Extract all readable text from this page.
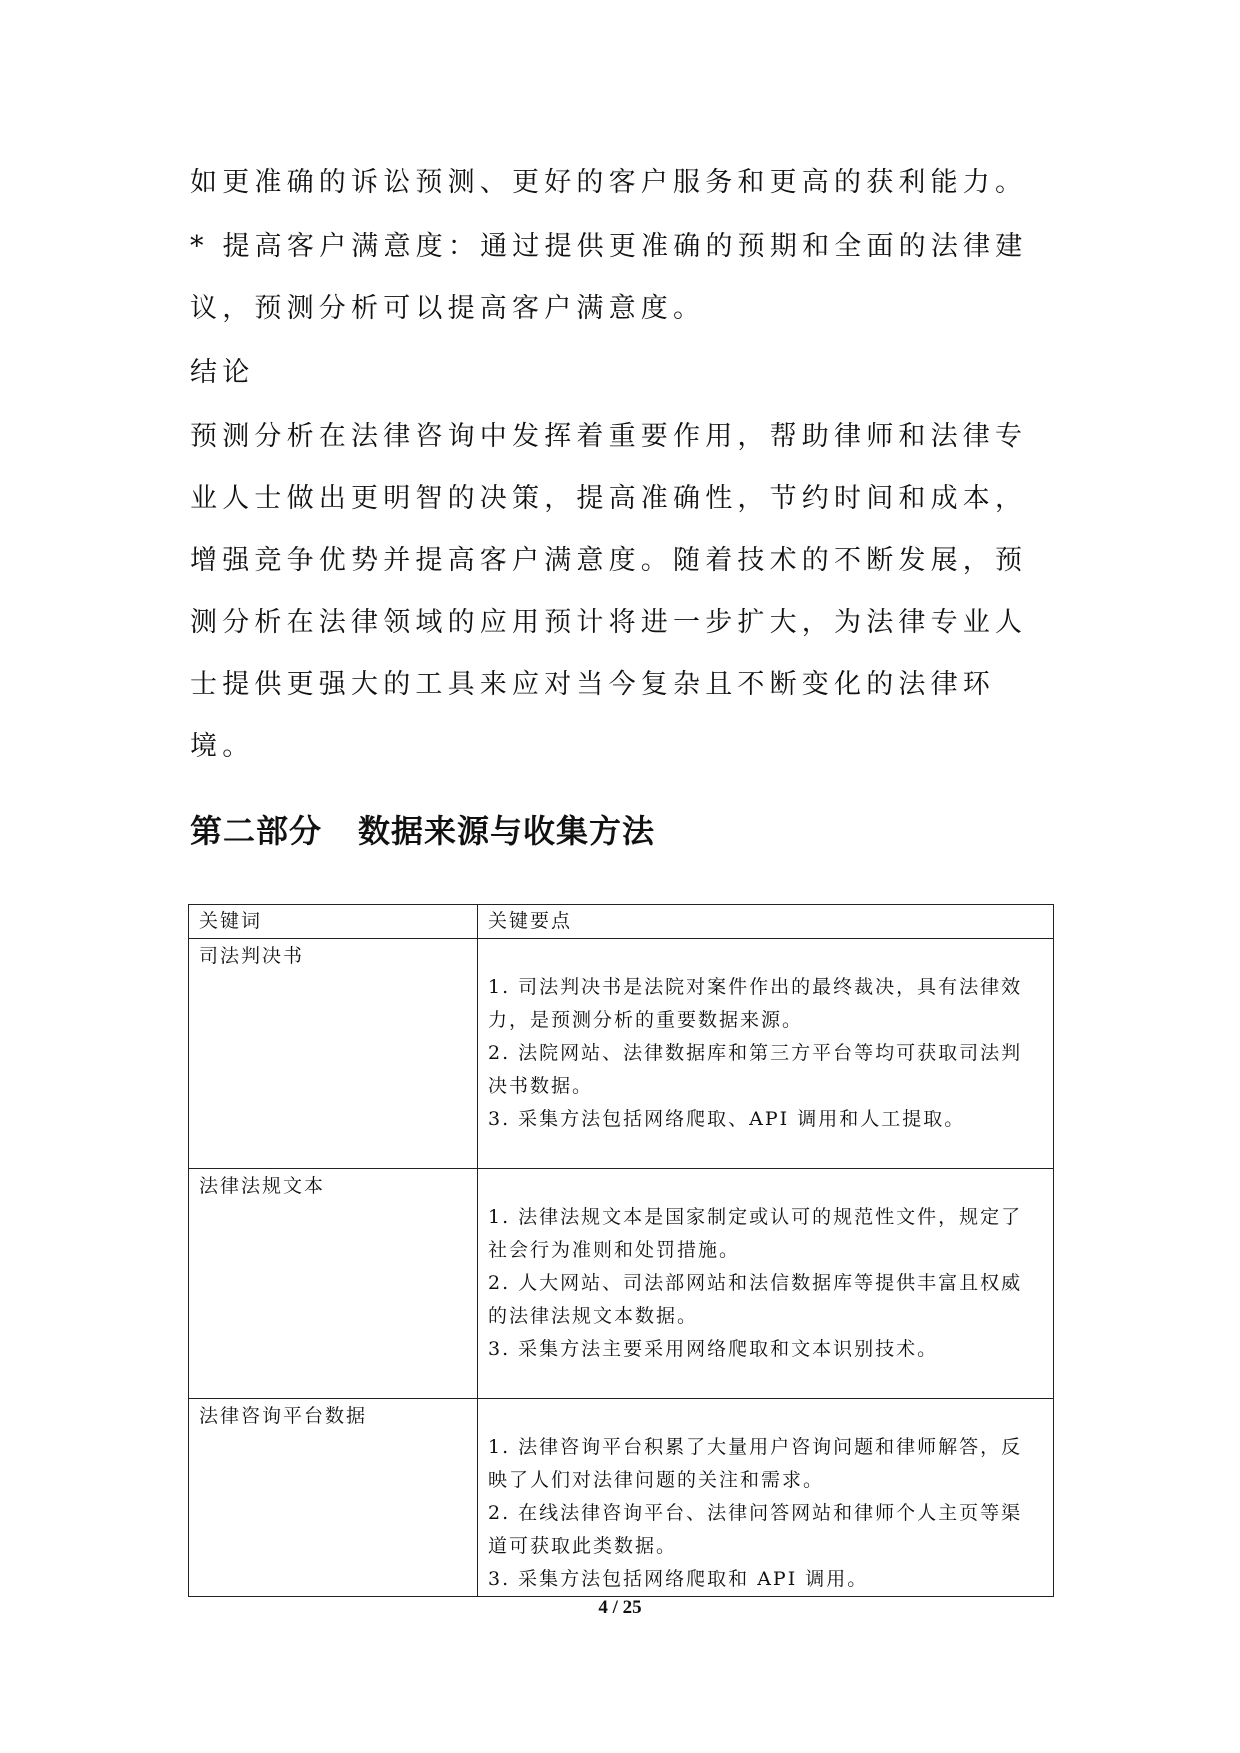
如更准确的诉讼预测、更好的客户服务和更高的获利能力。

* 提高客户满意度：通过提供更准确的预期和全面的法律建议，预测分析可以提高客户满意度。

结论

预测分析在法律咨询中发挥着重要作用，帮助律师和法律专业人士做出更明智的决策，提高准确性，节约时间和成本，增强竞争优势并提高客户满意度。随着技术的不断发展，预测分析在法律领域的应用预计将进一步扩大，为法律专业人士提供更强大的工具来应对当今复杂且不断变化的法律环境。

第二部分 数据来源与收集方法
关键词	关键要点

司法判决书	1. 司法判决书是法院对案件作出的最终裁决，具有法律效力，是预测分析的重要数据来源。
2. 法院网站、法律数据库和第三方平台等均可获取司法判决书数据。
3. 采集方法包括网络爬取、API 调用和人工提取。

法律法规文本	1. 法律法规文本是国家制定或认可的规范性文件，规定了社会行为准则和处罚措施。
2. 人大网站、司法部网站和法信数据库等提供丰富且权威的法律法规文本数据。
3. 采集方法主要采用网络爬取和文本识别技术。

法律咨询平台数据	1. 法律咨询平台积累了大量用户咨询问题和律师解答，反映了人们对法律问题的关注和需求。
2. 在线法律咨询平台、法律问答网站和律师个人主页等渠道可获取此类数据。
3. 采集方法包括网络爬取和 API 调用。
4 / 25
